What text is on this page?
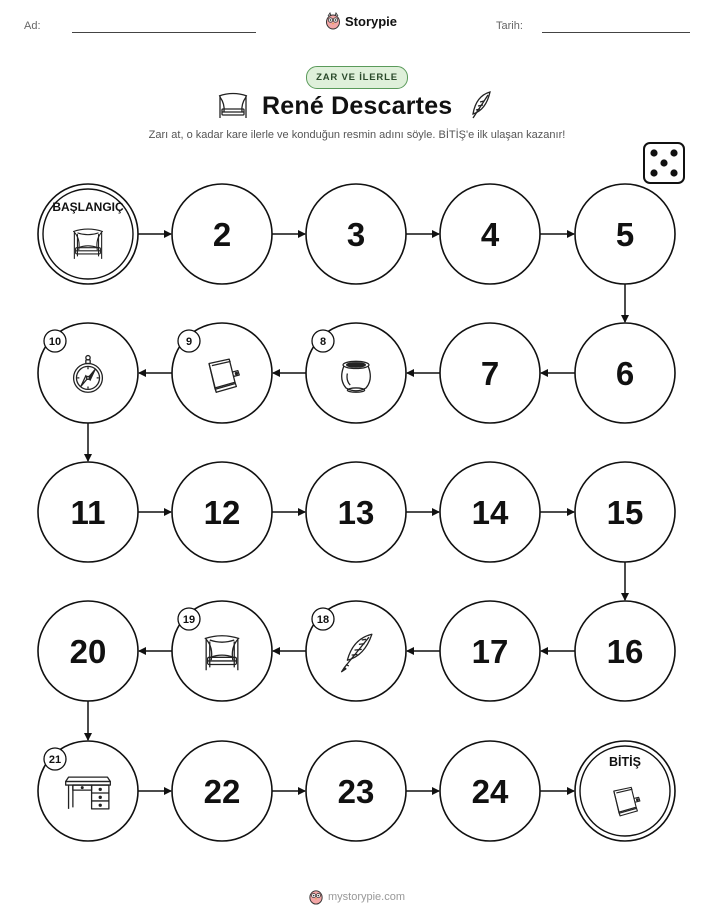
Ad:	Storypie	Tarih:
ZAR VE İLERLE
René Descartes
Zarı at, o kadar kare ilerle ve konduğun resmin adını söyle. BİTİŞ'e ilk ulaşan kazanır!
BAŞLANGIÇ
2	3	4	5
6
7
8
9
10
11	12	13	14	15
16
17
18
19
20
21
22	23	24
BİTİŞ
mystorypie.com
